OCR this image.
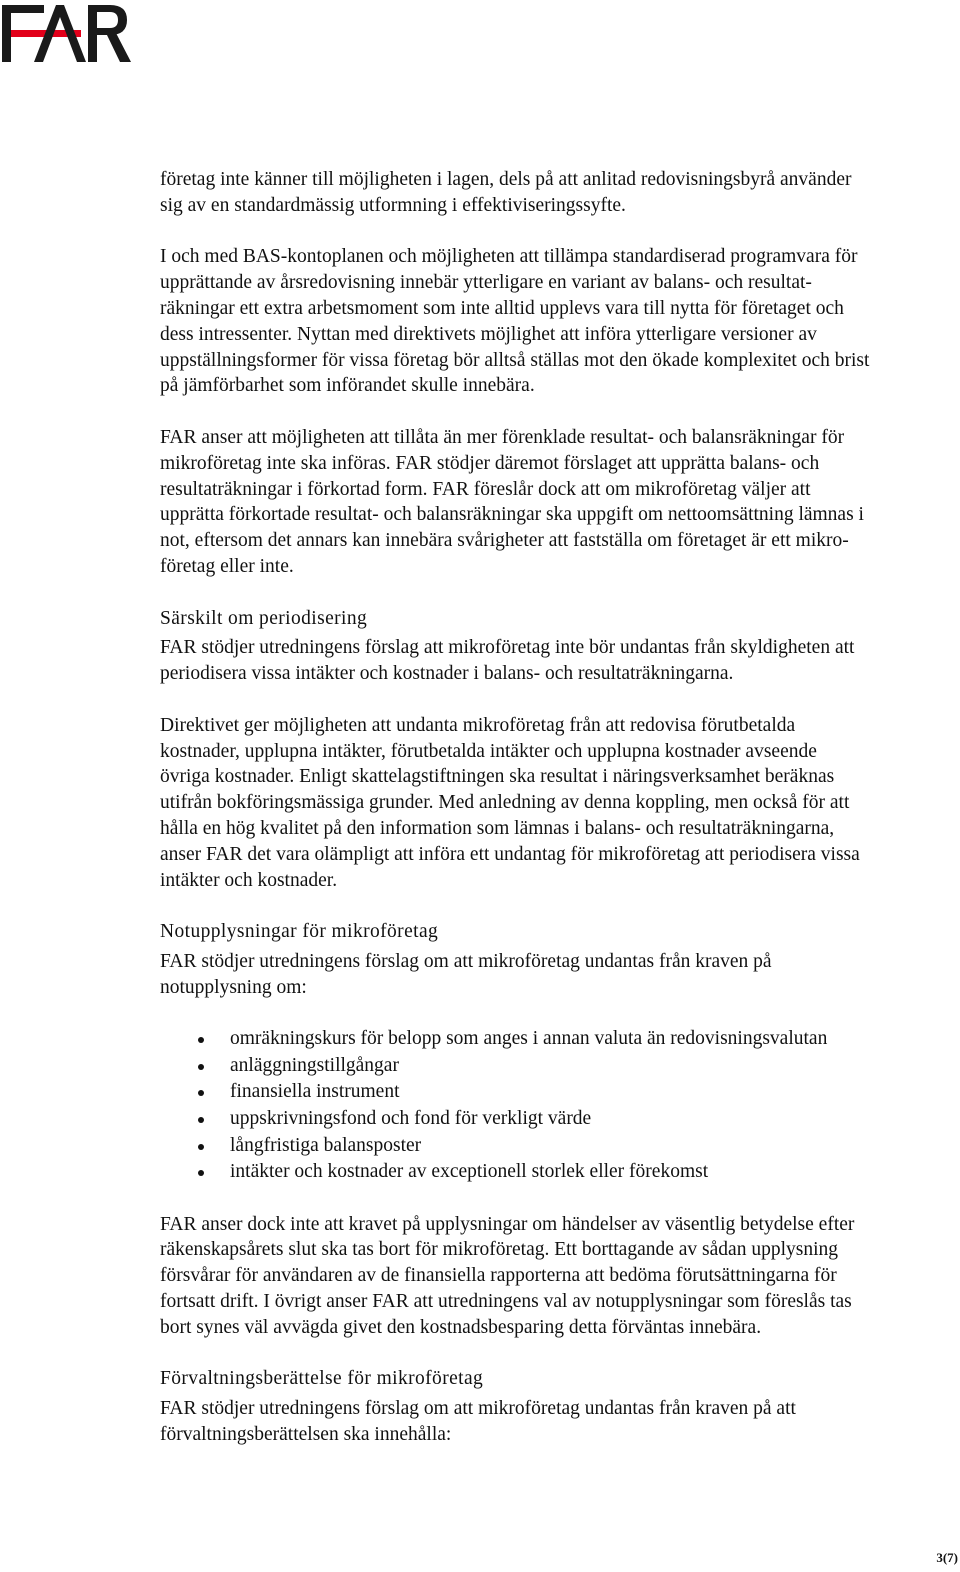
företag inte känner till möjligheten i lagen, dels på att anlitad redovisningsbyrå använder
sig av en standardmässig utformning i effektiviseringssyfte.

I och med BAS-kontoplanen och möjligheten att tillämpa standardiserad programvara för
upprättande av årsredovisning innebär ytterligare en variant av balans- och resultat-
räkningar ett extra arbetsmoment som inte alltid upplevs vara till nytta för företaget och
dess intressenter. Nyttan med direktivets möjlighet att införa ytterligare versioner av
uppställningsformer för vissa företag bör alltså ställas mot den ökade komplexitet och brist
på jämförbarhet som införandet skulle innebära.

FAR anser att möjligheten att tillåta än mer förenklade resultat- och balansräkningar för
mikroföretag inte ska införas. FAR stödjer däremot förslaget att upprätta balans- och
resultaträkningar i förkortad form. FAR föreslår dock att om mikroföretag väljer att
upprätta förkortade resultat- och balansräkningar ska uppgift om nettoomsättning lämnas i
not, eftersom det annars kan innebära svårigheter att fastställa om företaget är ett mikro-
företag eller inte.

Särskilt om periodisering

FAR stödjer utredningens förslag att mikroföretag inte bör undantas från skyldigheten att
periodisera vissa intäkter och kostnader i balans- och resultaträkningarna.

Direktivet ger möjligheten att undanta mikroföretag från att redovisa förutbetalda
kostnader, upplupna intäkter, förutbetalda intäkter och upplupna kostnader avseende
övriga kostnader. Enligt skattelagstiftningen ska resultat i näringsverksamhet beräknas
utifrån bokföringsmässiga grunder. Med anledning av denna koppling, men också för att
hålla en hög kvalitet på den information som lämnas i balans- och resultaträkningarna,
anser FAR det vara olämpligt att införa ett undantag för mikroföretag att periodisera vissa
intäkter och kostnader.

Notupplysningar för mikroföretag

FAR stödjer utredningens förslag om att mikroföretag undantas från kraven på
notupplysning om:

omräkningskurs för belopp som anges i annan valuta än redovisningsvalutan
anläggningstillgångar
finansiella instrument
uppskrivningsfond och fond för verkligt värde
långfristiga balansposter
intäkter och kostnader av exceptionell storlek eller förekomst

FAR anser dock inte att kravet på upplysningar om händelser av väsentlig betydelse efter
räkenskapsårets slut ska tas bort för mikroföretag. Ett borttagande av sådan upplysning
försvårar för användaren av de finansiella rapporterna att bedöma förutsättningarna för
fortsatt drift. I övrigt anser FAR att utredningens val av notupplysningar som föreslås tas
bort synes väl avvägda givet den kostnadsbesparing detta förväntas innebära.

Förvaltningsberättelse för mikroföretag

FAR stödjer utredningens förslag om att mikroföretag undantas från kraven på att
förvaltningsberättelsen ska innehålla:

3(7)
